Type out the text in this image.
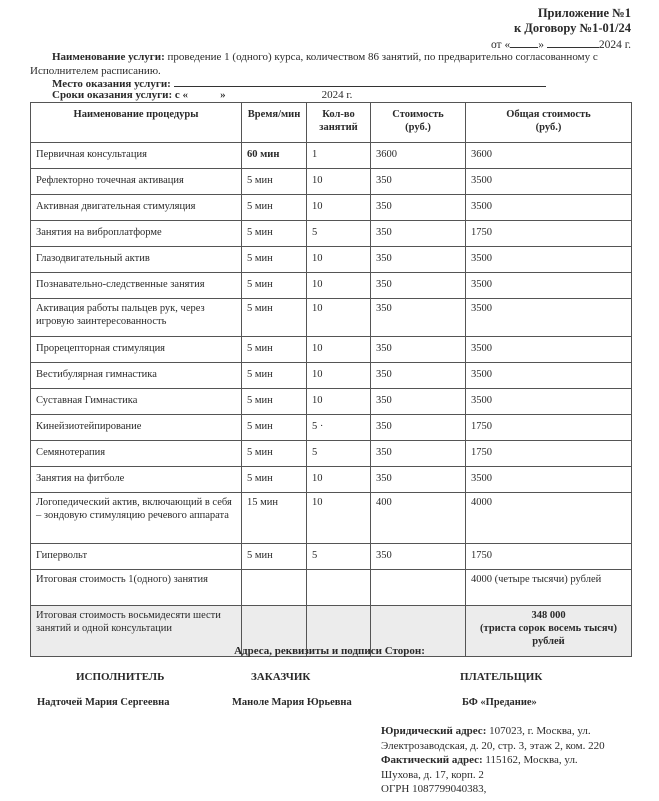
Приложение №1
к Договору №1-01/24
от « »	2024 г.
Наименование услуги: проведение 1 (одного) курса, количеством 86 занятий, по предварительно согласованному с Исполнителем расписанию.
Место оказания услуги:
Сроки оказания услуги: с «	»	2024 г.
Наименование процедуры	Время/мин	Кол-во занятий	Стоимость (руб.)	Общая стоимость (руб.)
Первичная консультация	60 мин	1	3600	3600
Рефлекторно точечная активация	5 мин	10	350	3500
Активная двигательная стимуляция	5 мин	10	350	3500
Занятия на виброплатформе	5 мин	5	350	1750
Глазодвигательный актив	5 мин	10	350	3500
Познавательно-следственные занятия	5 мин	10	350	3500
Активация работы пальцев рук, через игровую заинтересованность	5 мин	10	350	3500
Прорецепторная стимуляция	5 мин	10	350	3500
Вестибулярная гимнастика	5 мин	10	350	3500
Суставная Гимнастика	5 мин	10	350	3500
Кинейзиотейпирование	5 мин	5 ·	350	1750
Семянотерапия	5 мин	5	350	1750
Занятия на фитболе	5 мин	10	350	3500
Логопедический актив, включающий в себя – зондовую стимуляцию речевого аппарата	15 мин	10	400	4000
Гипервольт	5 мин	5	350	1750
Итоговая стоимость 1(одного) занятия				4000 (четыре тысячи) рублей
Итоговая стоимость восьмидесяти шести занятий и одной консультации				348 000
(триста сорок восемь тысяч)
рублей
Адреса, реквизиты и подписи Сторон:
ИСПОЛНИТЕЛЬ	ЗАКАЗЧИК	ПЛАТЕЛЬЩИК
Надточей Мария Сергеевна	Маноле Мария Юрьевна	БФ «Предание»
Юридический адрес: 107023, г. Москва, ул.
Электрозаводская, д. 20, стр. 3, этаж 2, ком. 220
Фактический адрес: 115162, Москва, ул.
Шухова, д. 17, корп. 2
ОГРН 1087799040383,
